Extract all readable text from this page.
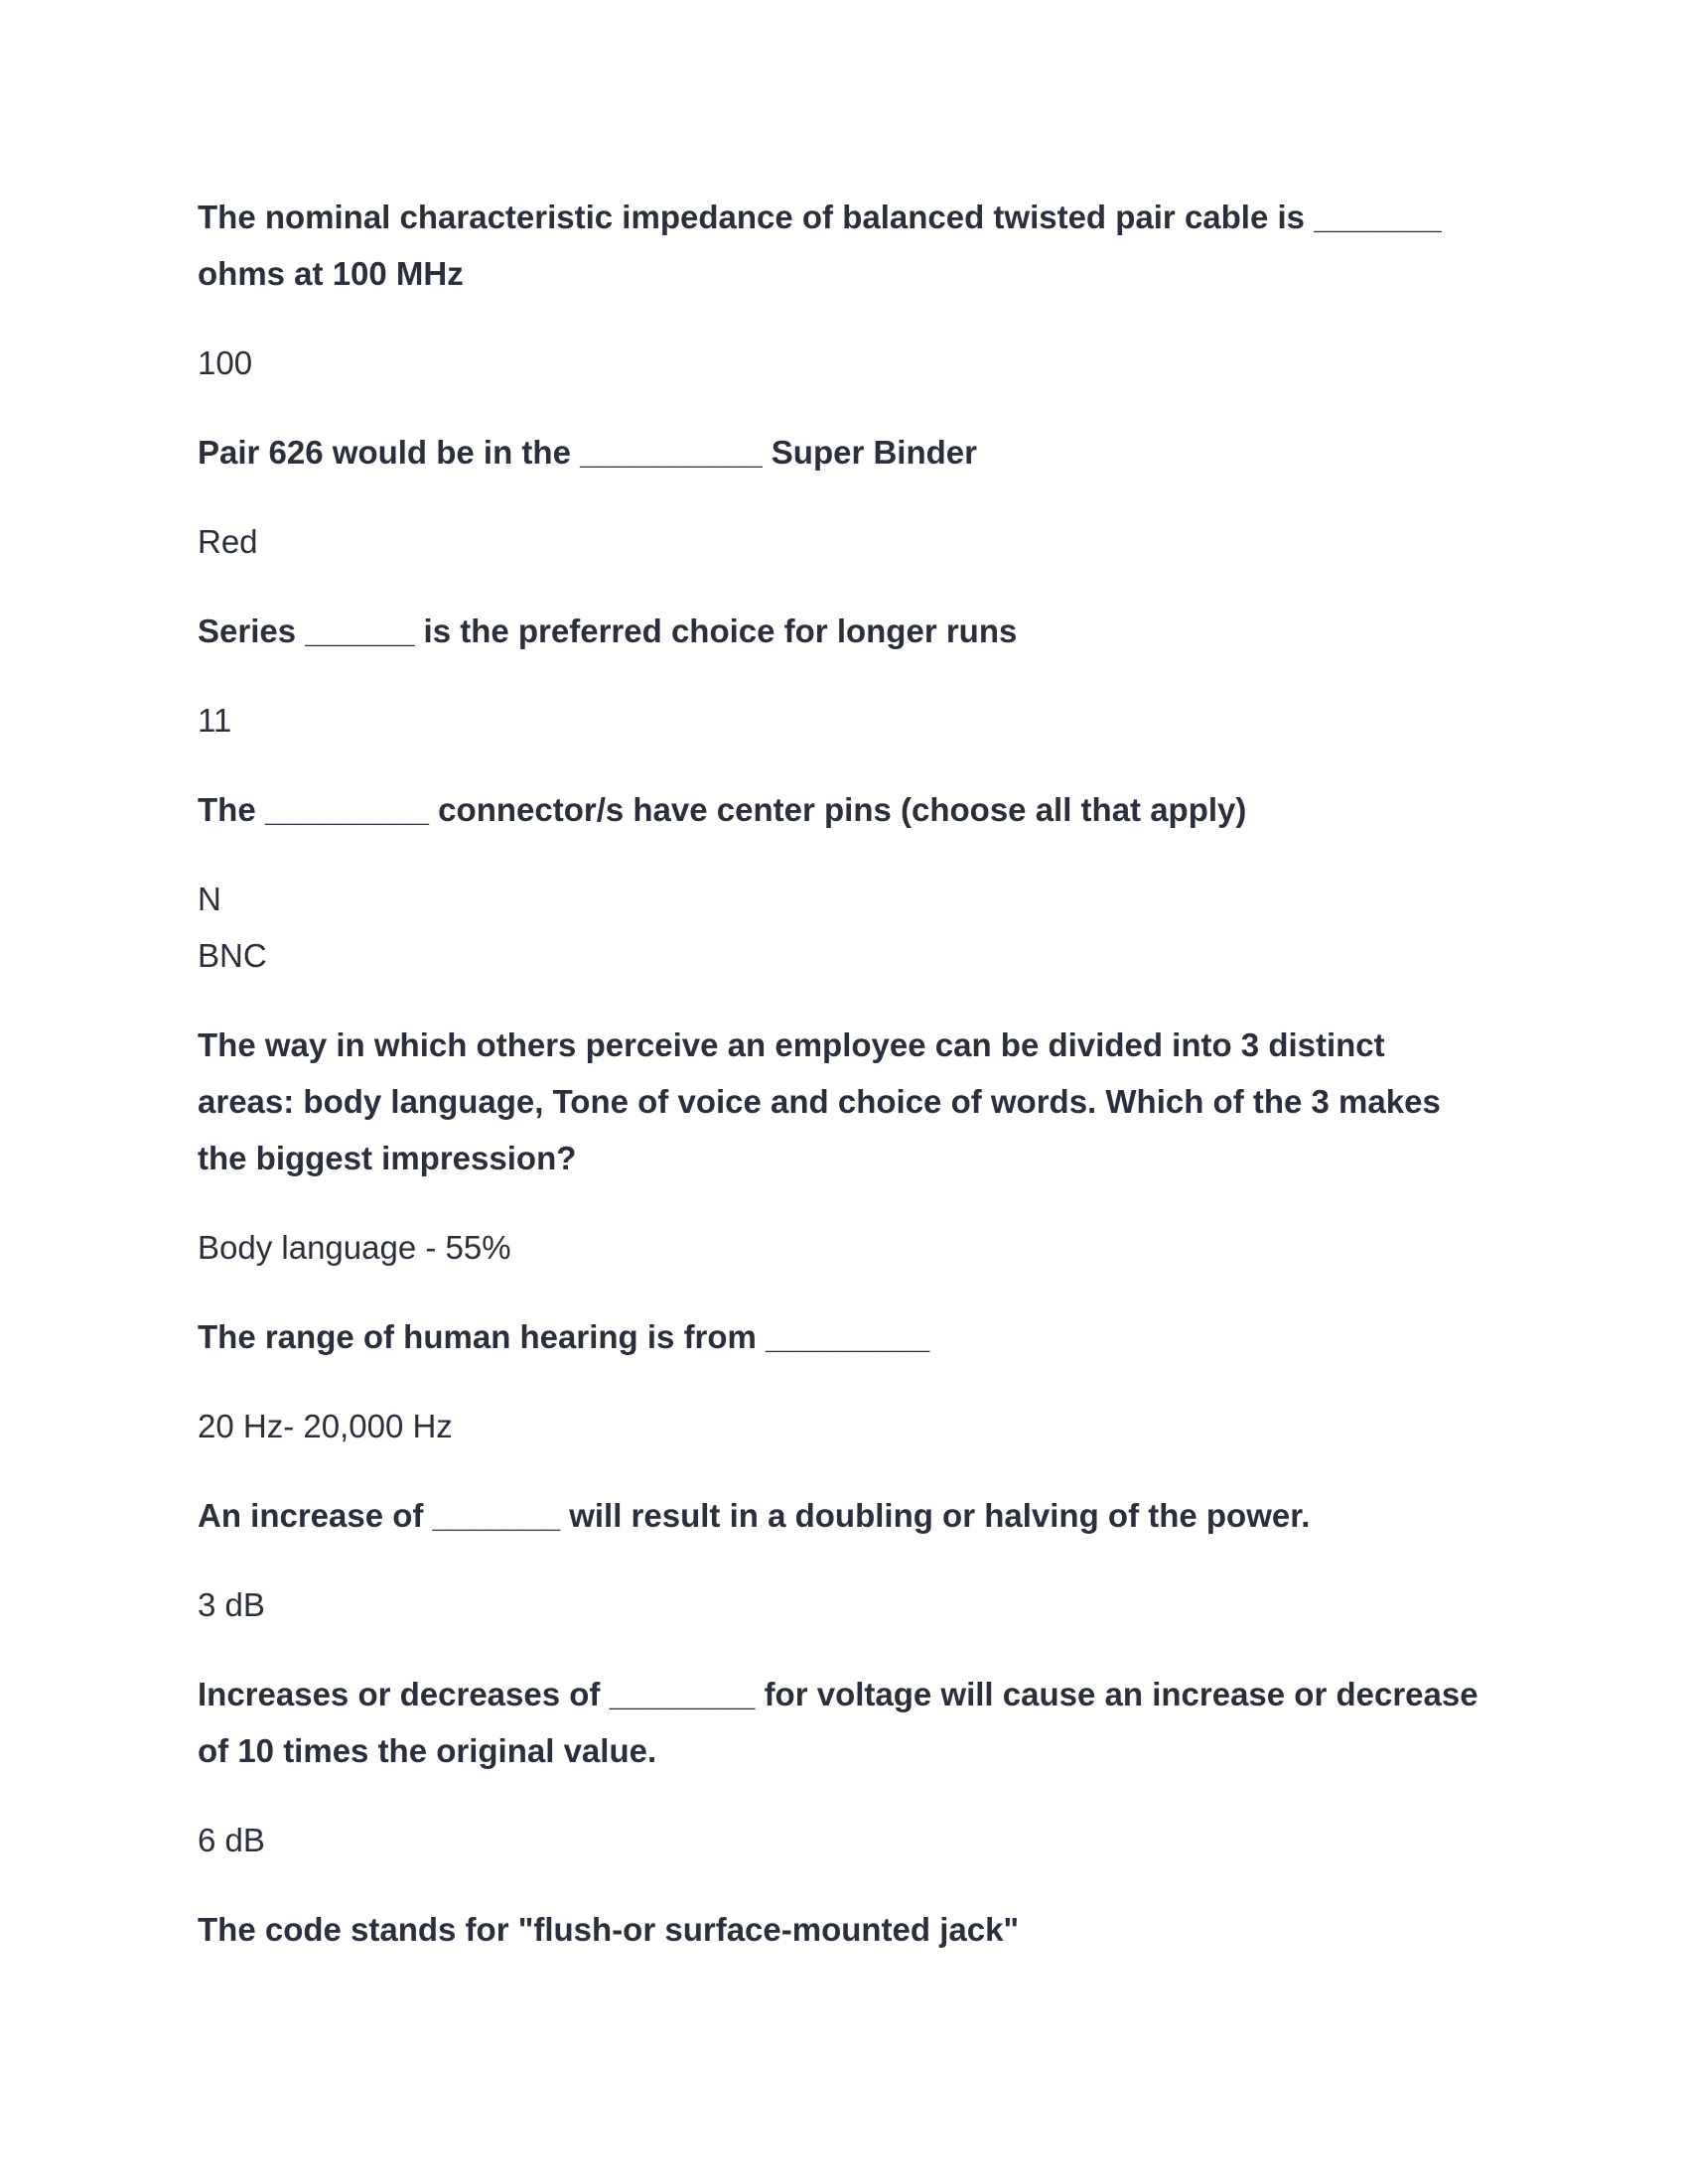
The nominal characteristic impedance of balanced twisted pair cable is _______ ohms at 100 MHz

100

Pair 626 would be in the __________ Super Binder

Red

Series ______ is the preferred choice for longer runs

11

The _________ connector/s have center pins (choose all that apply)

N
BNC

The way in which others perceive an employee can be divided into 3 distinct areas: body language, Tone of voice and choice of words. Which of the 3 makes the biggest impression?

Body language - 55%

The range of human hearing is from _________

20 Hz- 20,000 Hz

An increase of _______ will result in a doubling or halving of the power.

3 dB

Increases or decreases of ________ for voltage will cause an increase or decrease of 10 times the original value.

6 dB

The code stands for "flush-or surface-mounted jack"
